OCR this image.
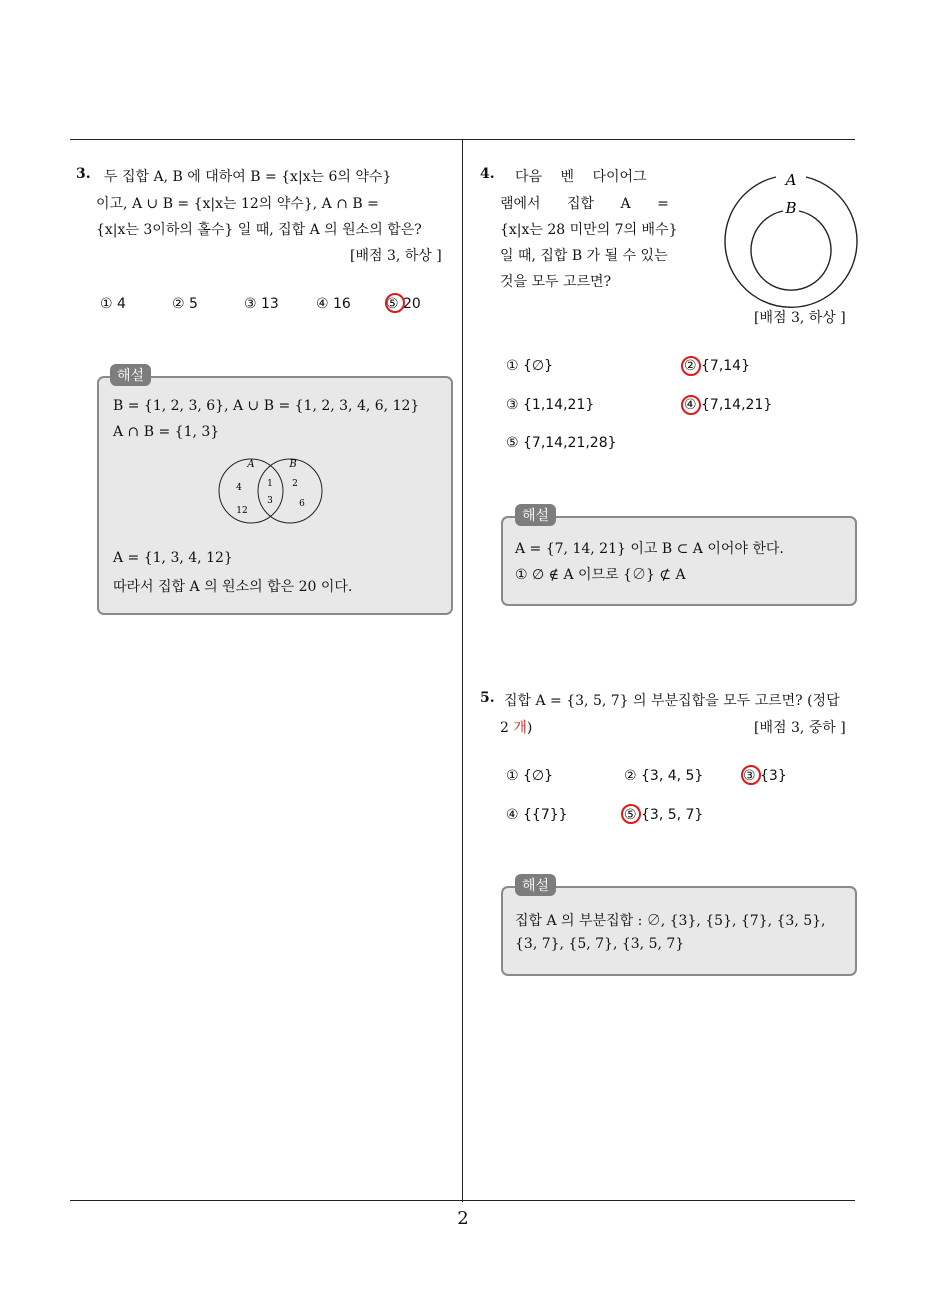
3. 두 집합 A, B 에 대하여 B = {x|x는 6의 약수}
이고, A ∪ B = {x|x는 12의 약수}, A ∩ B =
{x|x는 3이하의 홀수} 일 때, 집합 A 의 원소의 합은?
[배점 3, 하상 ]
① 4	② 5	③ 13	④ 16	⑤ 20
B = {1, 2, 3, 6}, A ∪ B = {1, 2, 3, 4, 6, 12}
A ∩ B = {1, 3}
A	B
4
12
1
3
2
6
A = {1, 3, 4, 12}
따라서 집합 A 의 원소의 합은 20 이다.
해설
4. 다음 벤 다이어그
램에서 집합 A =
{x|x는 28 미만의 7의 배수}
일 때, 집합 B 가 될 수 있는
것을 모두 고르면?
A
B
[배점 3, 하상 ]
① {∅}	② {7,14}
③ {1,14,21}	④ {7,14,21}
⑤ {7,14,21,28}
A = {7, 14, 21} 이고 B ⊂ A 이어야 한다.
① ∅ ∉ A 이므로 {∅} ⊄ A
해설
5. 집합 A = {3, 5, 7} 의 부분집합을 모두 고르면? (정답
2 개)	[배점 3, 중하 ]
① {∅}	② {3, 4, 5}	③ {3}
④ {{7}}	⑤ {3, 5, 7}
집합 A 의 부분집합 : ∅, {3}, {5}, {7}, {3, 5},
{3, 7}, {5, 7}, {3, 5, 7}
해설
2
